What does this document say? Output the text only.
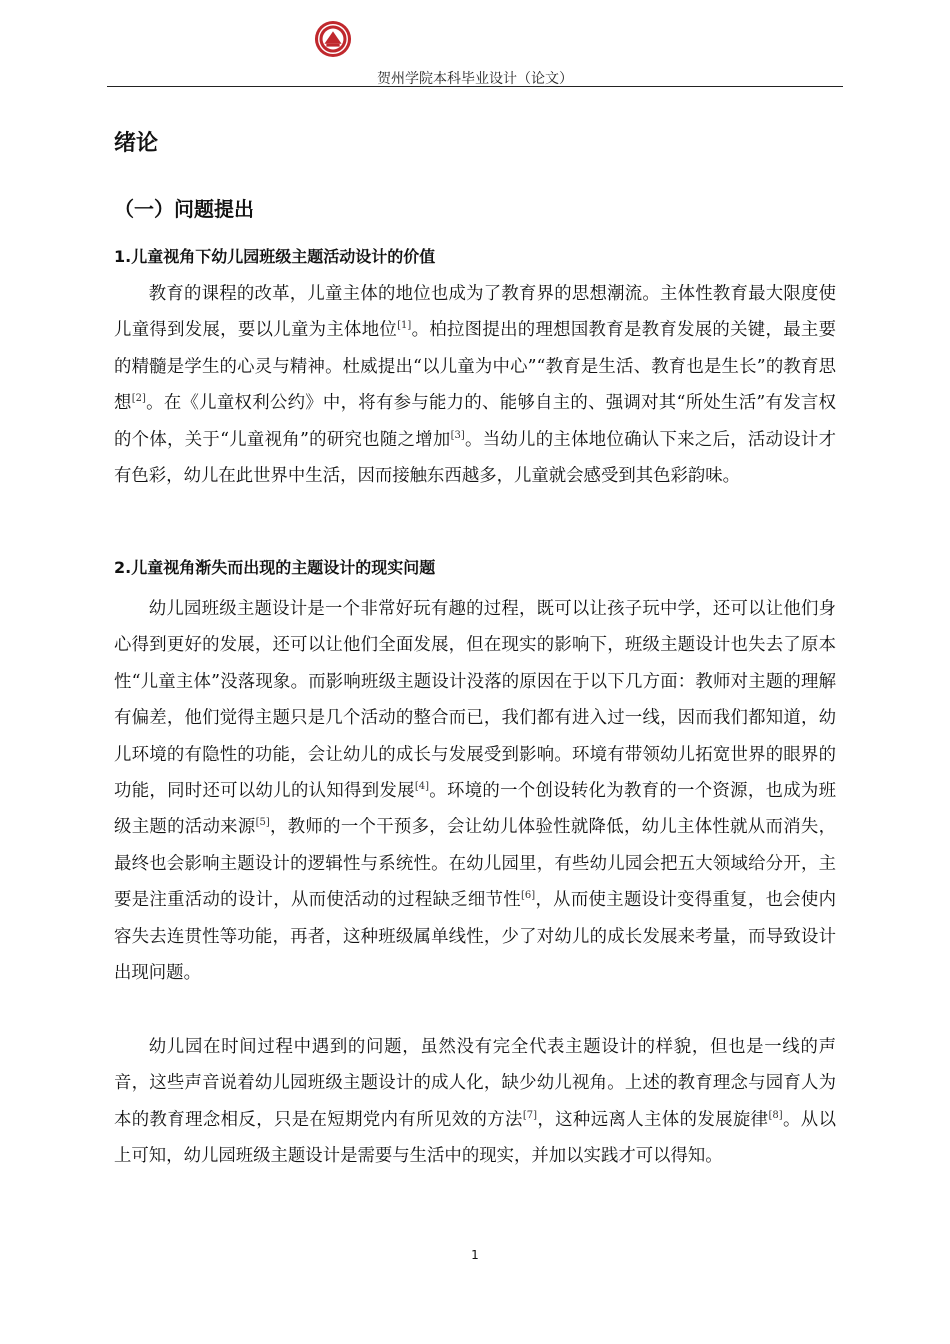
贺州学院本科毕业设计（论文）
绪论
（一）问题提出
1.儿童视角下幼儿园班级主题活动设计的价值

教育的课程的改革，儿童主体的地位也成为了教育界的思想潮流。主体性教育最大限度使儿童得到发展，要以儿童为主体地位[1]。柏拉图提出的理想国教育是教育发展的关键，最主要的精髓是学生的心灵与精神。杜威提出“以儿童为中心”“教育是生活、教育也是生长”的教育思想[2]。在《儿童权利公约》中，将有参与能力的、能够自主的、强调对其“所处生活”有发言权的个体，关于“儿童视角”的研究也随之增加[3]。当幼儿的主体地位确认下来之后，活动设计才有色彩，幼儿在此世界中生活，因而接触东西越多，儿童就会感受到其色彩韵味。

2.儿童视角渐失而出现的主题设计的现实问题

幼儿园班级主题设计是一个非常好玩有趣的过程，既可以让孩子玩中学，还可以让他们身心得到更好的发展，还可以让他们全面发展，但在现实的影响下，班级主题设计也失去了原本性“儿童主体”没落现象。而影响班级主题设计没落的原因在于以下几方面：教师对主题的理解有偏差，他们觉得主题只是几个活动的整合而已，我们都有进入过一线，因而我们都知道，幼儿环境的有隐性的功能，会让幼儿的成长与发展受到影响。环境有带领幼儿拓宽世界的眼界的功能，同时还可以幼儿的认知得到发展[4]。环境的一个创设转化为教育的一个资源，也成为班级主题的活动来源[5]，教师的一个干预多，会让幼儿体验性就降低，幼儿主体性就从而消失，最终也会影响主题设计的逻辑性与系统性。在幼儿园里，有些幼儿园会把五大领域给分开，主要是注重活动的设计，从而使活动的过程缺乏细节性[6]，从而使主题设计变得重复，也会使内容失去连贯性等功能，再者，这种班级属单线性，少了对幼儿的成长发展来考量，而导致设计出现问题。

幼儿园在时间过程中遇到的问题，虽然没有完全代表主题设计的样貌，但也是一线的声音，这些声音说着幼儿园班级主题设计的成人化，缺少幼儿视角。上述的教育理念与园育人为本的教育理念相反，只是在短期党内有所见效的方法[7]，这种远离人主体的发展旋律[8]。从以上可知，幼儿园班级主题设计是需要与生活中的现实，并加以实践才可以得知。

1
